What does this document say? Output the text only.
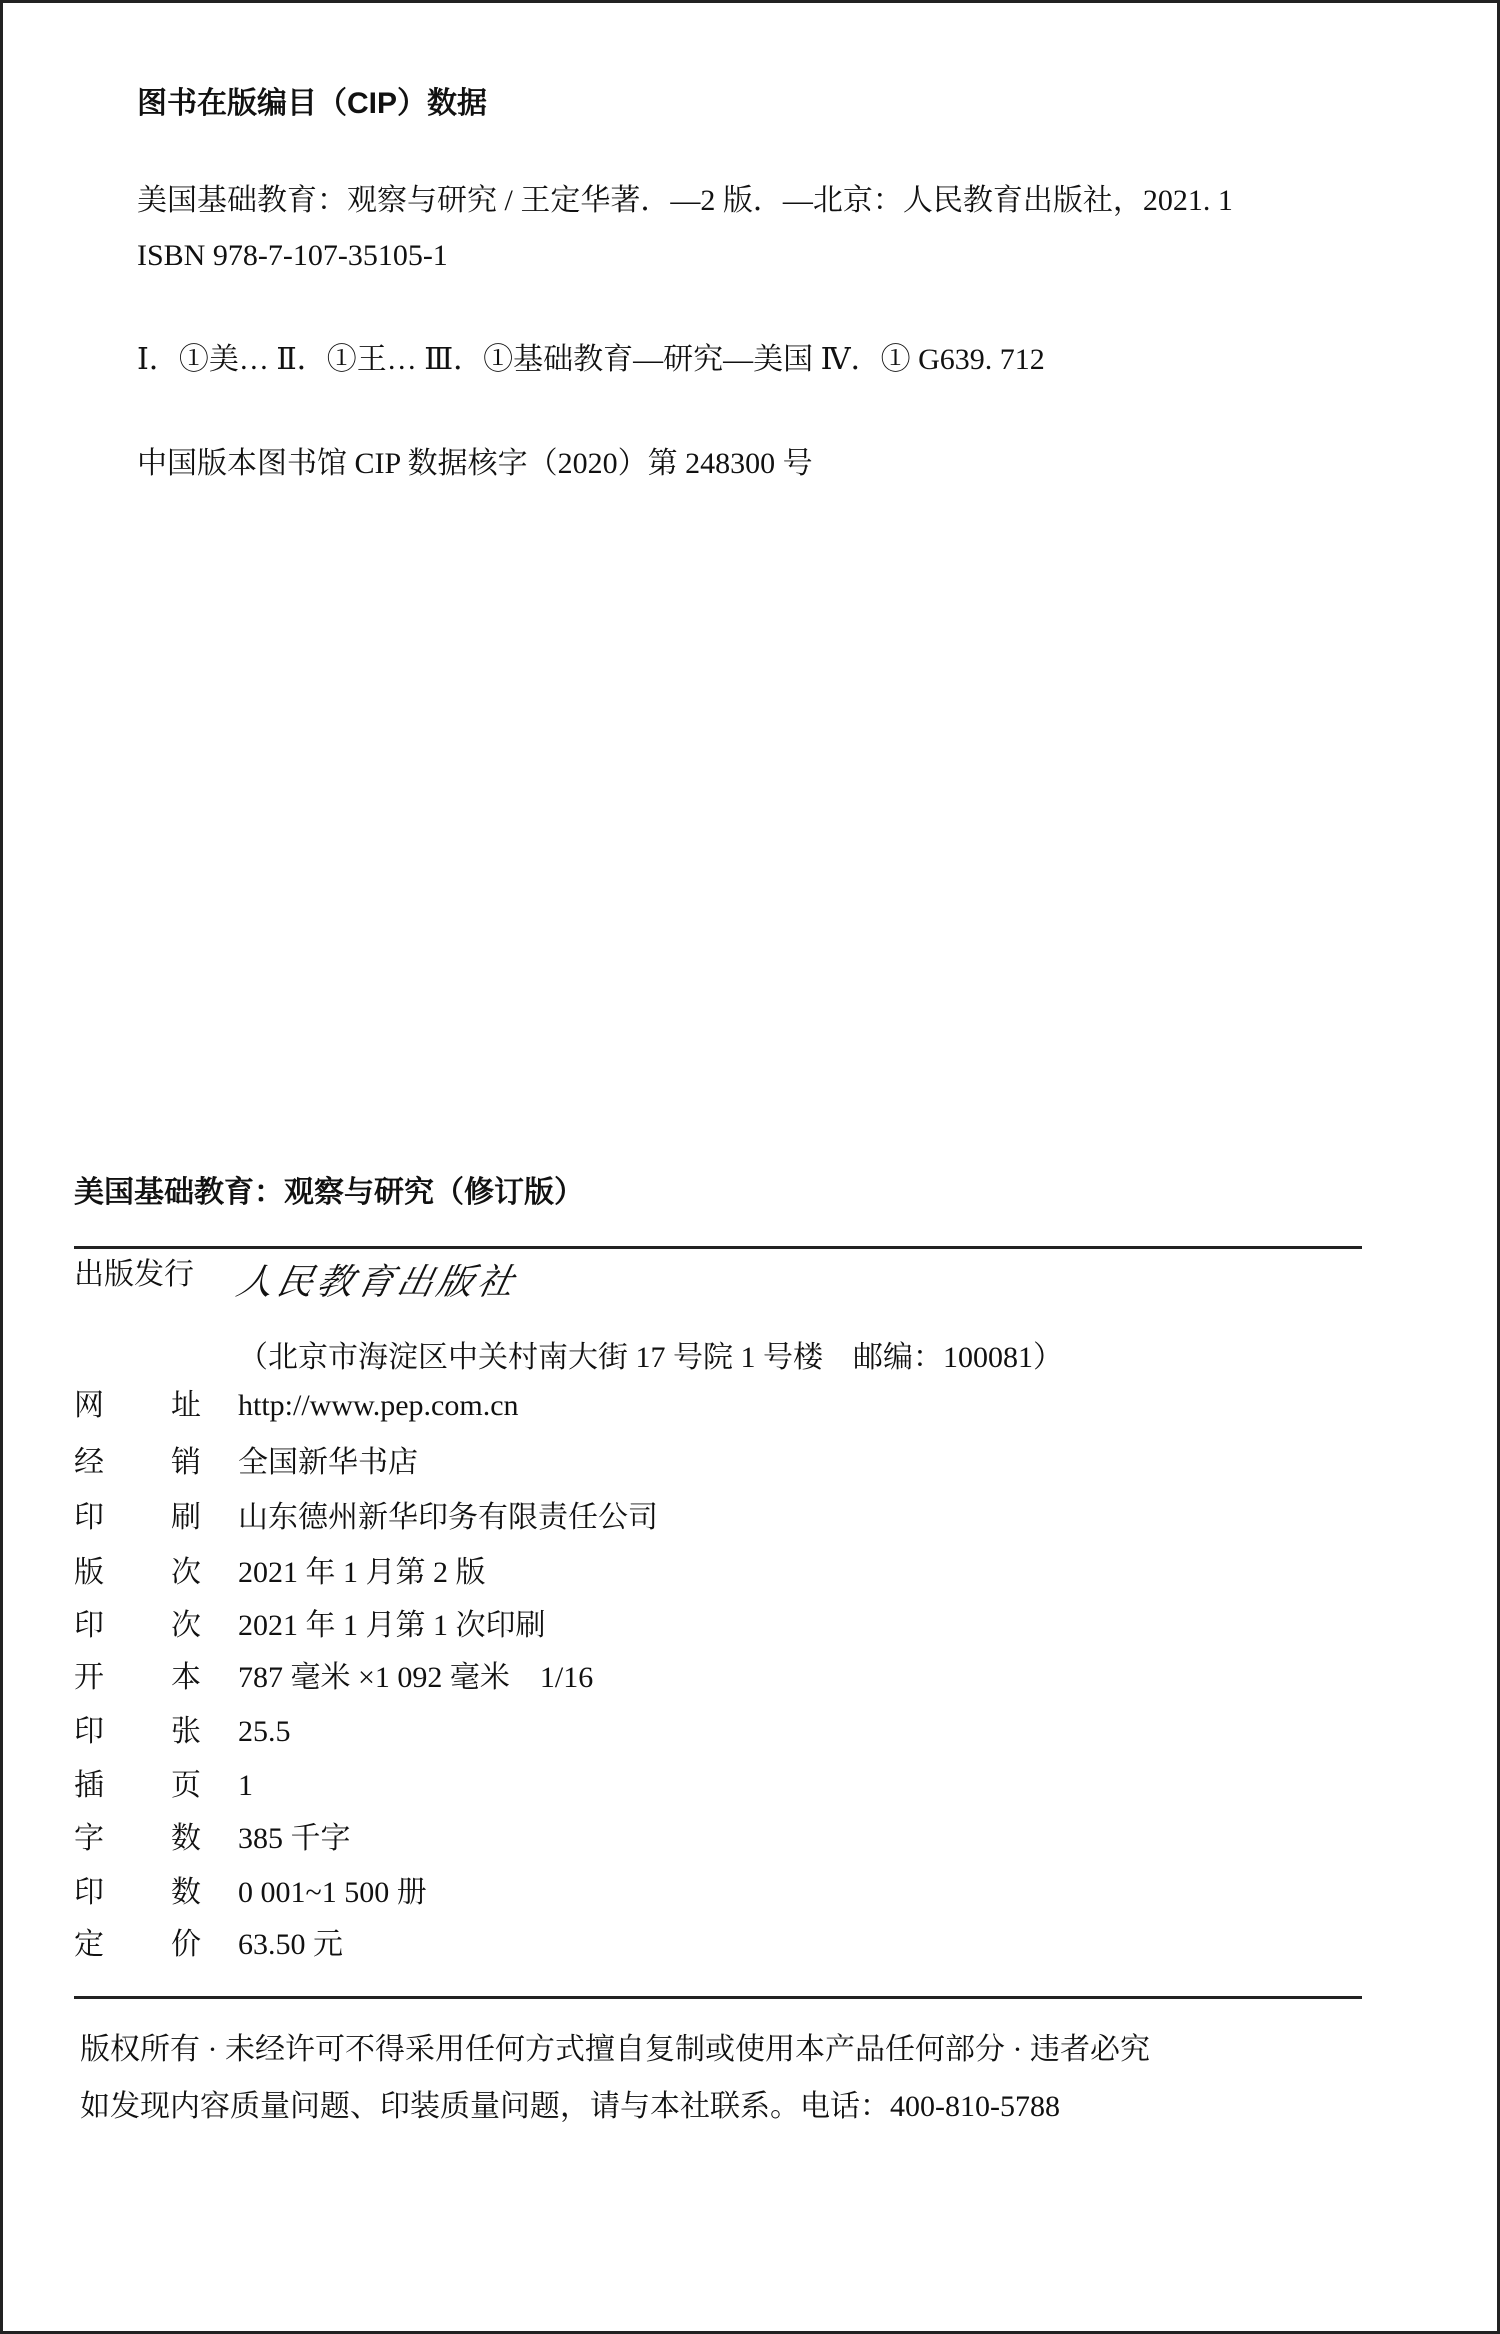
图书在版编目（CIP）数据
美国基础教育：观察与研究 / 王定华著．—2 版．—北京：人民教育出版社，2021. 1
ISBN 978-7-107-35105-1
Ⅰ．①美… Ⅱ．①王… Ⅲ．①基础教育—研究—美国 Ⅳ．① G639. 712
中国版本图书馆 CIP 数据核字（2020）第 248300 号
美国基础教育：观察与研究（修订版）
出版发行 人民教育出版社
（北京市海淀区中关村南大街 17 号院 1 号楼　邮编：100081）
网 址 http://www.pep.com.cn
经 销 全国新华书店
印 刷 山东德州新华印务有限责任公司
版 次 2021 年 1 月第 2 版
印 次 2021 年 1 月第 1 次印刷
开 本 787 毫米 ×1 092 毫米　1/16
印 张 25.5
插 页 1
字 数 385 千字
印 数 0 001~1 500 册
定 价 63.50 元
版权所有 · 未经许可不得采用任何方式擅自复制或使用本产品任何部分 · 违者必究
如发现内容质量问题、印装质量问题，请与本社联系。电话：400-810-5788
